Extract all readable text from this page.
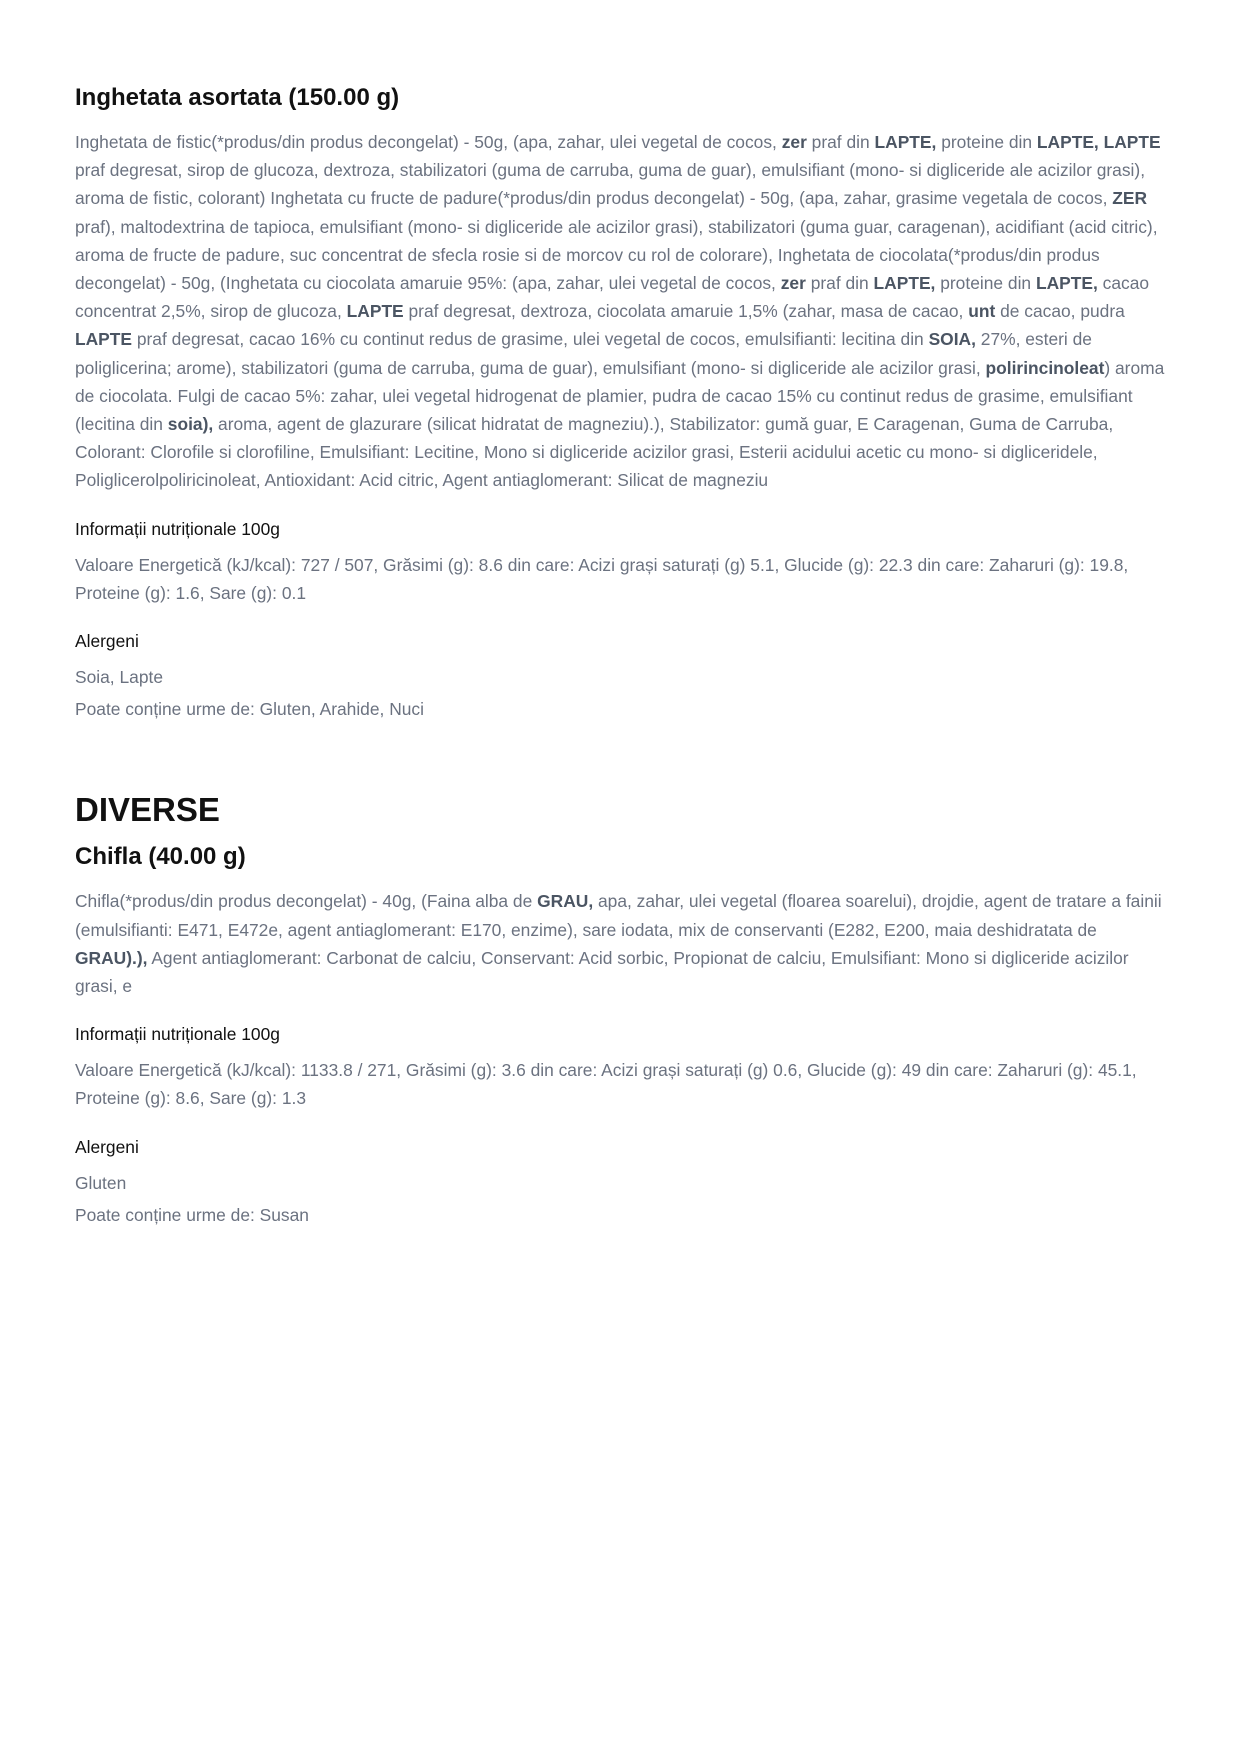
Inghetata asortata (150.00 g)
Inghetata de fistic(*produs/din produs decongelat) - 50g, (apa, zahar, ulei vegetal de cocos, zer praf din LAPTE, proteine din LAPTE, LAPTE praf degresat, sirop de glucoza, dextroza, stabilizatori (guma de carruba, guma de guar), emulsifiant (mono- si digliceride ale acizilor grasi), aroma de fistic, colorant) Inghetata cu fructe de padure(*produs/din produs decongelat) - 50g, (apa, zahar, grasime vegetala de cocos, ZER praf), maltodextrina de tapioca, emulsifiant (mono- si digliceride ale acizilor grasi), stabilizatori (guma guar, caragenan), acidifiant (acid citric), aroma de fructe de padure, suc concentrat de sfecla rosie si de morcov cu rol de colorare), Inghetata de ciocolata(*produs/din produs decongelat) - 50g, (Inghetata cu ciocolata amaruie 95%: (apa, zahar, ulei vegetal de cocos, zer praf din LAPTE, proteine din LAPTE, cacao concentrat 2,5%, sirop de glucoza, LAPTE praf degresat, dextroza, ciocolata amaruie 1,5% (zahar, masa de cacao, unt de cacao, pudra LAPTE praf degresat, cacao 16% cu continut redus de grasime, ulei vegetal de cocos, emulsifianti: lecitina din SOIA, 27%, esteri de poliglicerina; arome), stabilizatori (guma de carruba, guma de guar), emulsifiant (mono- si digliceride ale acizilor grasi, polirincinoleat) aroma de ciocolata. Fulgi de cacao 5%: zahar, ulei vegetal hidrogenat de plamier, pudra de cacao 15% cu continut redus de grasime, emulsifiant (lecitina din soia), aroma, agent de glazurare (silicat hidratat de magneziu).), Stabilizator: gumă guar, E Caragenan, Guma de Carruba, Colorant: Clorofile si clorofiline, Emulsifiant: Lecitine, Mono si digliceride acizilor grasi, Esterii acidului acetic cu mono- si digliceridele, Poliglicerolpoliricinoleat, Antioxidant: Acid citric, Agent antiaglomerant: Silicat de magneziu
Informații nutriționale 100g
Valoare Energetică (kJ/kcal): 727 / 507, Grăsimi (g): 8.6 din care: Acizi grași saturați (g) 5.1, Glucide (g): 22.3 din care: Zaharuri (g): 19.8, Proteine (g): 1.6, Sare (g): 0.1
Alergeni
Soia, Lapte
Poate conține urme de: Gluten, Arahide, Nuci
DIVERSE
Chifla (40.00 g)
Chifla(*produs/din produs decongelat) - 40g, (Faina alba de GRAU, apa, zahar, ulei vegetal (floarea soarelui), drojdie, agent de tratare a fainii (emulsifianti: E471, E472e, agent antiaglomerant: E170, enzime), sare iodata, mix de conservanti (E282, E200, maia deshidratata de GRAU).), Agent antiaglomerant: Carbonat de calciu, Conservant: Acid sorbic, Propionat de calciu, Emulsifiant: Mono si digliceride acizilor grasi, e
Informații nutriționale 100g
Valoare Energetică (kJ/kcal): 1133.8 / 271, Grăsimi (g): 3.6 din care: Acizi grași saturați (g) 0.6, Glucide (g): 49 din care: Zaharuri (g): 45.1, Proteine (g): 8.6, Sare (g): 1.3
Alergeni
Gluten
Poate conține urme de: Susan
